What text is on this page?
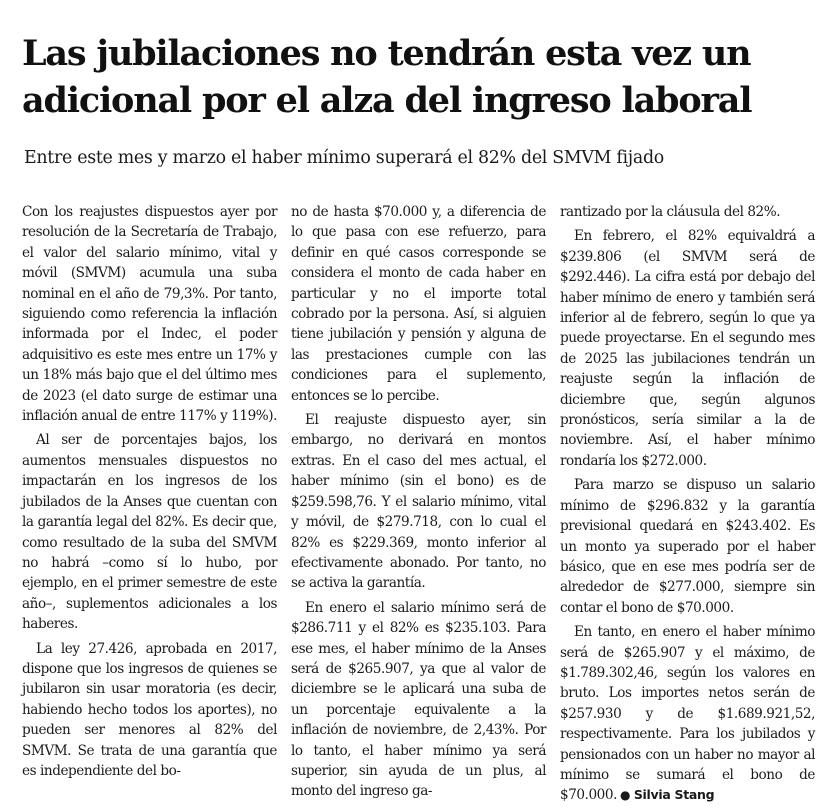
Las jubilaciones no tendrán esta vez un adicional por el alza del ingreso laboral
Entre este mes y marzo el haber mínimo superará el 82% del SMVM fijado

Con los reajustes dispuestos ayer por resolución de la Secretaría de Trabajo, el valor del salario mínimo, vital y móvil (SMVM) acumula una suba nominal en el año de 79,3%. Por tanto, siguiendo como referencia la inflación informada por el Indec, el poder adquisitivo es este mes entre un 17% y un 18% más bajo que el del último mes de 2023 (el dato surge de estimar una inflación anual de entre 117% y 119%).

Al ser de porcentajes bajos, los aumentos mensuales dispuestos no impactarán en los ingresos de los jubilados de la Anses que cuentan con la garantía legal del 82%. Es decir que, como resultado de la suba del SMVM no habrá –como sí lo hubo, por ejemplo, en el primer semestre de este año–, suplementos adicionales a los haberes.

La ley 27.426, aprobada en 2017, dispone que los ingresos de quienes se jubilaron sin usar moratoria (es decir, habiendo hecho todos los aportes), no pueden ser menores al 82% del SMVM. Se trata de una garantía que es independiente del bo-

no de hasta $70.000 y, a diferencia de lo que pasa con ese refuerzo, para definir en qué casos corresponde se considera el monto de cada haber en particular y no el importe total cobrado por la persona. Así, si alguien tiene jubilación y pensión y alguna de las prestaciones cumple con las condiciones para el suplemento, entonces se lo percibe.

El reajuste dispuesto ayer, sin embargo, no derivará en montos extras. En el caso del mes actual, el haber mínimo (sin el bono) es de $259.598,76. Y el salario mínimo, vital y móvil, de $279.718, con lo cual el 82% es $229.369, monto inferior al efectivamente abonado. Por tanto, no se activa la garantía.

En enero el salario mínimo será de $286.711 y el 82% es $235.103. Para ese mes, el haber mínimo de la Anses será de $265.907, ya que al valor de diciembre se le aplicará una suba de un porcentaje equivalente a la inflación de noviembre, de 2,43%. Por lo tanto, el haber mínimo ya será superior, sin ayuda de un plus, al monto del ingreso ga-

rantizado por la cláusula del 82%.

En febrero, el 82% equivaldrá a $239.806 (el SMVM será de $292.446). La cifra está por debajo del haber mínimo de enero y también será inferior al de febrero, según lo que ya puede proyectarse. En el segundo mes de 2025 las jubilaciones tendrán un reajuste según la inflación de diciembre que, según algunos pronósticos, sería similar a la de noviembre. Así, el haber mínimo rondaría los $272.000.

Para marzo se dispuso un salario mínimo de $296.832 y la garantía previsional quedará en $243.402. Es un monto ya superado por el haber básico, que en ese mes podría ser de alrededor de $277.000, siempre sin contar el bono de $70.000.

En tanto, en enero el haber mínimo será de $265.907 y el máximo, de $1.789.302,46, según los valores en bruto. Los importes netos serán de $257.930 y de $1.689.921,52, respectivamente. Para los jubilados y pensionados con un haber no mayor al mínimo se sumará el bono de $70.000. ● Silvia Stang
